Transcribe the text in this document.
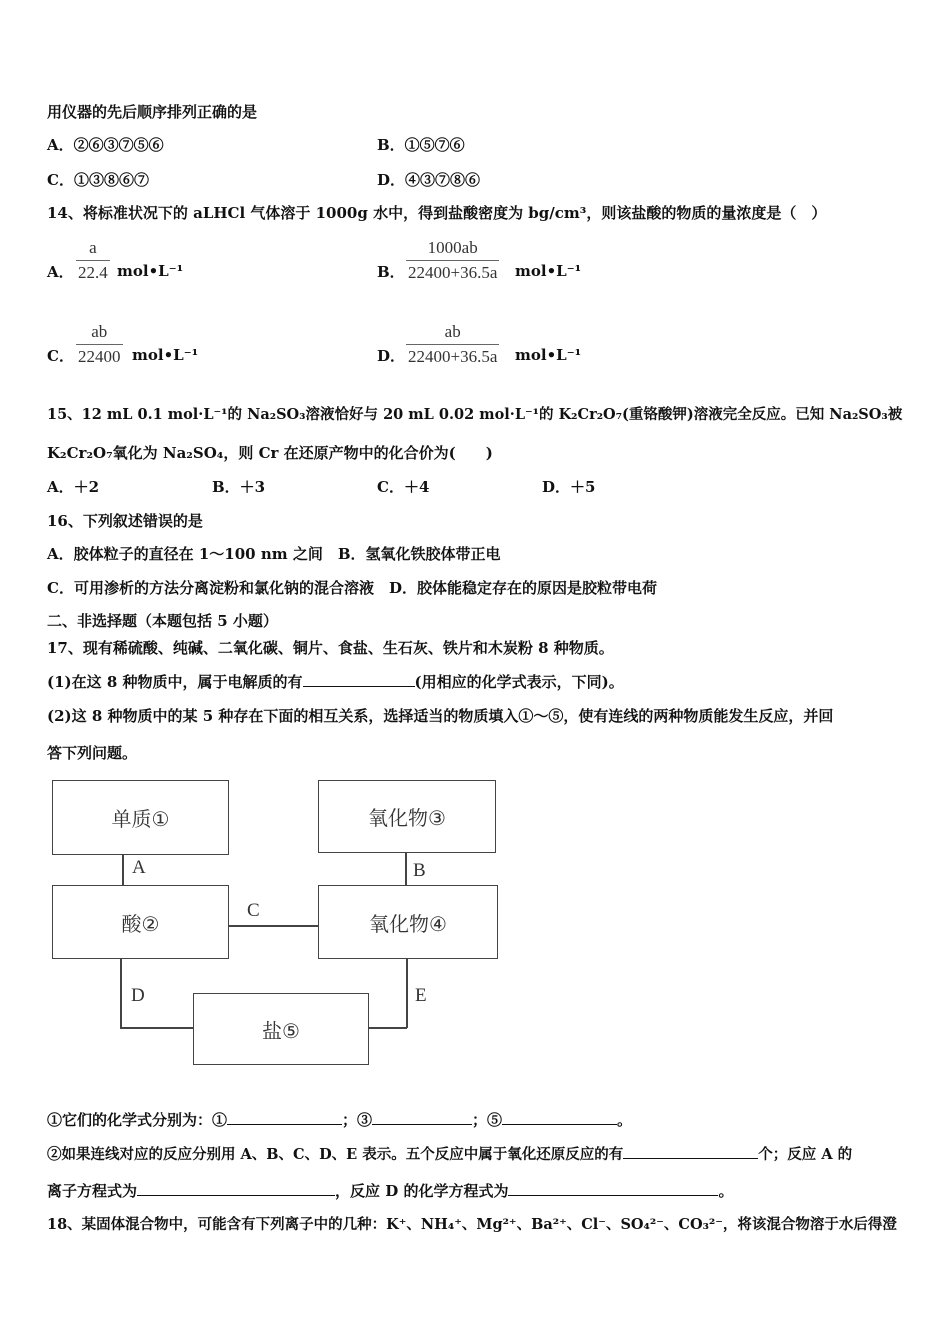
用仪器的先后顺序排列正确的是
A．②⑥③⑦⑤⑥	B．①⑤⑦⑥
C．①③⑧⑥⑦	D．④③⑦⑧⑥
14、将标准状况下的 aLHCl 气体溶于 1000g 水中，得到盐酸密度为 bg/cm³，则该盐酸的物质的量浓度是（　）
A． $\frac{a}{22.4}$ mol•L⁻¹	B． $\frac{1000ab}{22400+36.5a}$ mol•L⁻¹
C． $\frac{ab}{22400}$ mol•L⁻¹	D． $\frac{ab}{22400+36.5a}$ mol•L⁻¹
15、12 mL 0.1 mol·L⁻¹的 Na₂SO₃溶液恰好与 20 mL 0.02 mol·L⁻¹的 K₂Cr₂O₇(重铬酸钾)溶液完全反应。已知 Na₂SO₃被
K₂Cr₂O₇氧化为 Na₂SO₄，则 Cr 在还原产物中的化合价为(　　)
A．＋2	B．＋3	C．＋4	D．＋5
16、下列叙述错误的是
A．胶体粒子的直径在 1～100 nm 之间　B．氢氧化铁胶体带正电
C．可用渗析的方法分离淀粉和氯化钠的混合溶液　D．胶体能稳定存在的原因是胶粒带电荷
二、非选择题（本题包括 5 小题）
17、现有稀硫酸、纯碱、二氧化碳、铜片、食盐、生石灰、铁片和木炭粉 8 种物质。
(1)在这 8 种物质中，属于电解质的有	(用相应的化学式表示，下同)。
(2)这 8 种物质中的某 5 种存在下面的相互关系，选择适当的物质填入①～⑤，使有连线的两种物质能发生反应，并回
答下列问题。
单质①	氧化物③
酸②	氧化物④
盐⑤
A	B
C
D	E
①它们的化学式分别为：①	；③	；⑤	。
②如果连线对应的反应分别用 A、B、C、D、E 表示。五个反应中属于氧化还原反应的有	个；反应 A 的
离子方程式为	，反应 D 的化学方程式为	。
18、某固体混合物中，可能含有下列离子中的几种：K⁺、NH₄⁺、Mg²⁺、Ba²⁺、Cl⁻、SO₄²⁻、CO₃²⁻，将该混合物溶于水后得澄
